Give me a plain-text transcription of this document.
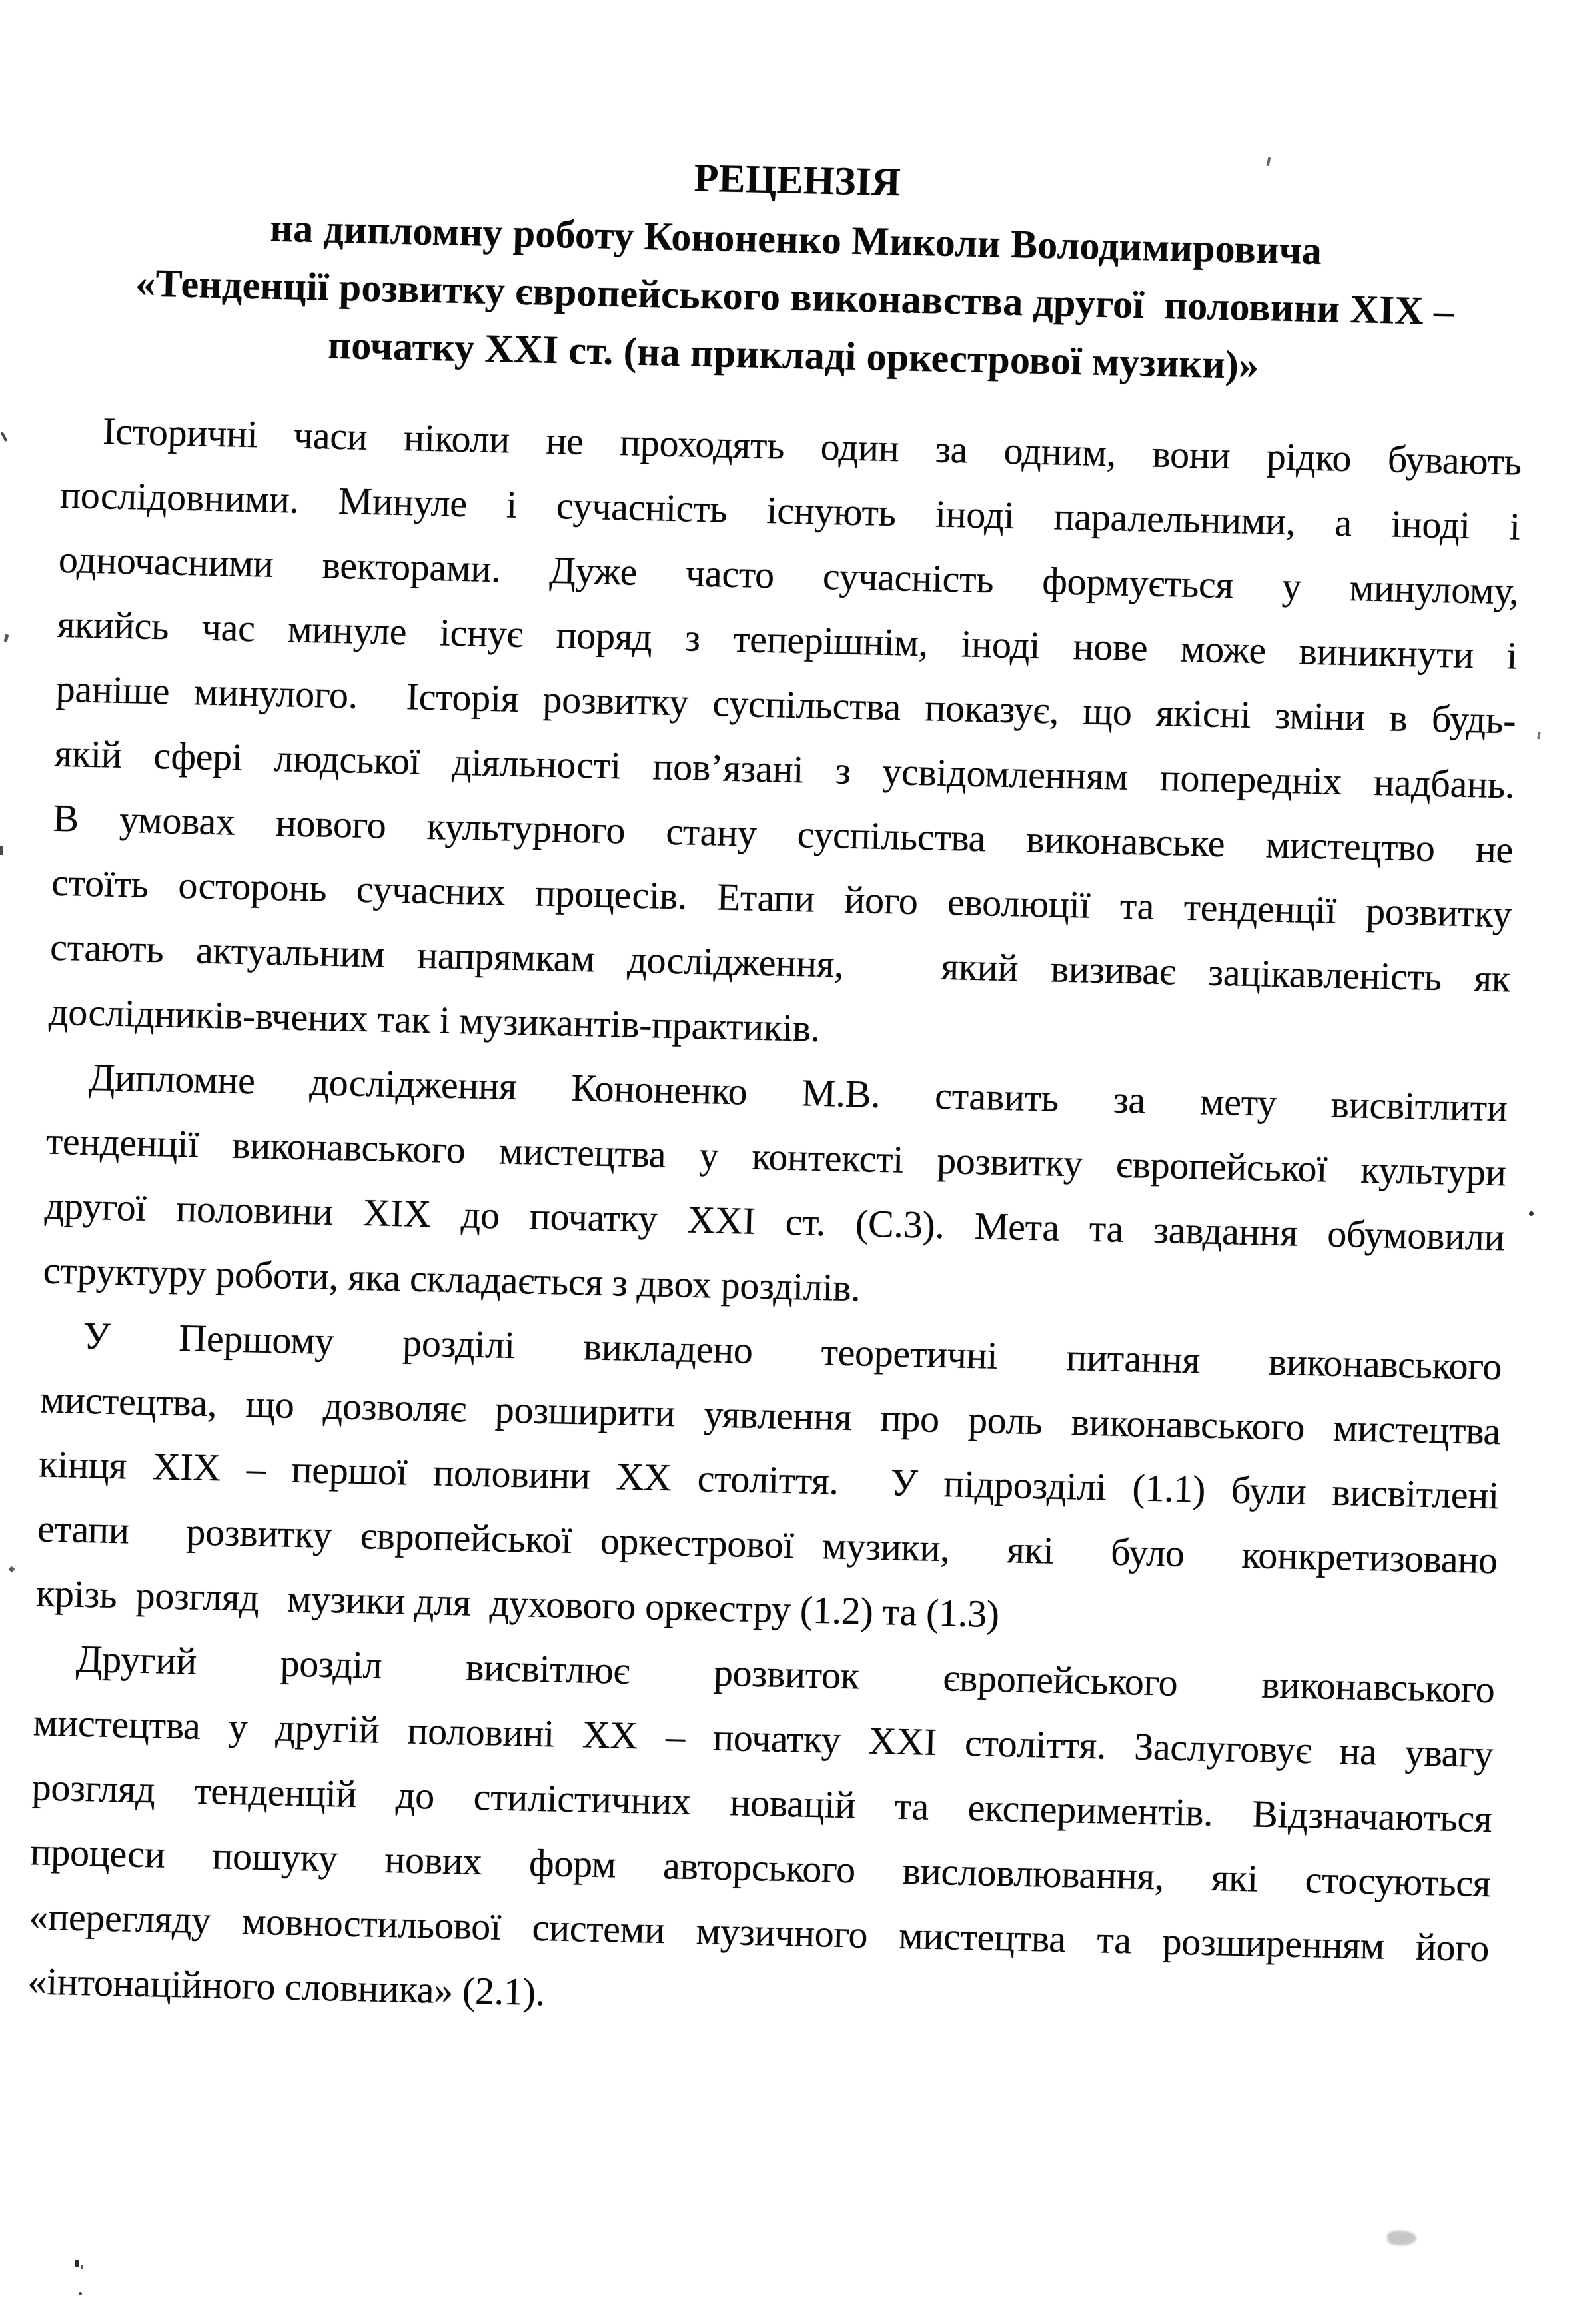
РЕЦЕНЗІЯ
на дипломну роботу Кононенко Миколи Володимировича
«Тенденції розвитку європейського виконавства другої  половини XIX –
початку XXI ст. (на прикладі оркестрової музики)»
Історичні часи ніколи не проходять один за одним, вони рідко бувають
послідовними. Минуле і сучасність існують іноді паралельними, а іноді і
одночасними векторами. Дуже часто сучасність формується у минулому,
якийсь час минуле існує поряд з теперішнім, іноді нове може виникнути і
раніше минулого.  Історія розвитку суспільства показує, що якісні зміни в будь-
якій сфері людської діяльності пов’язані з усвідомленням попередніх надбань.
В умовах нового культурного стану суспільства виконавське мистецтво не
стоїть осторонь сучасних процесів. Етапи його еволюції та тенденції розвитку
стають актуальним напрямкам дослідження,   який визиває зацікавленість як
дослідників-вчених так і музикантів-практиків.
Дипломне дослідження Кононенко М.В. ставить за мету висвітлити
тенденції виконавського мистецтва у контексті розвитку європейської культури
другої половини XIX до початку XXI ст. (С.3). Мета та завдання обумовили
структуру роботи, яка складається з двох розділів.
У Першому розділі викладено теоретичні питання виконавського
мистецтва, що дозволяє розширити уявлення про роль виконавського мистецтва
кінця XIX – першої половини XX століття.  У підрозділі (1.1) були висвітлені
етапи  розвитку європейської оркестрової музики,  які  було  конкретизовано
крізь  розгляд   музики для  духового оркестру (1.2) та (1.3)
Другий  розділ  висвітлює  розвиток  європейського  виконавського
мистецтва у другій половині XX – початку XXI століття. Заслуговує на увагу
розгляд тенденцій до стилістичних новацій та експериментів. Відзначаються
процеси пошуку нових форм авторського висловлювання, які стосуються
«перегляду мовностильової системи музичного мистецтва та розширенням його
«інтонаційного словника» (2.1).
